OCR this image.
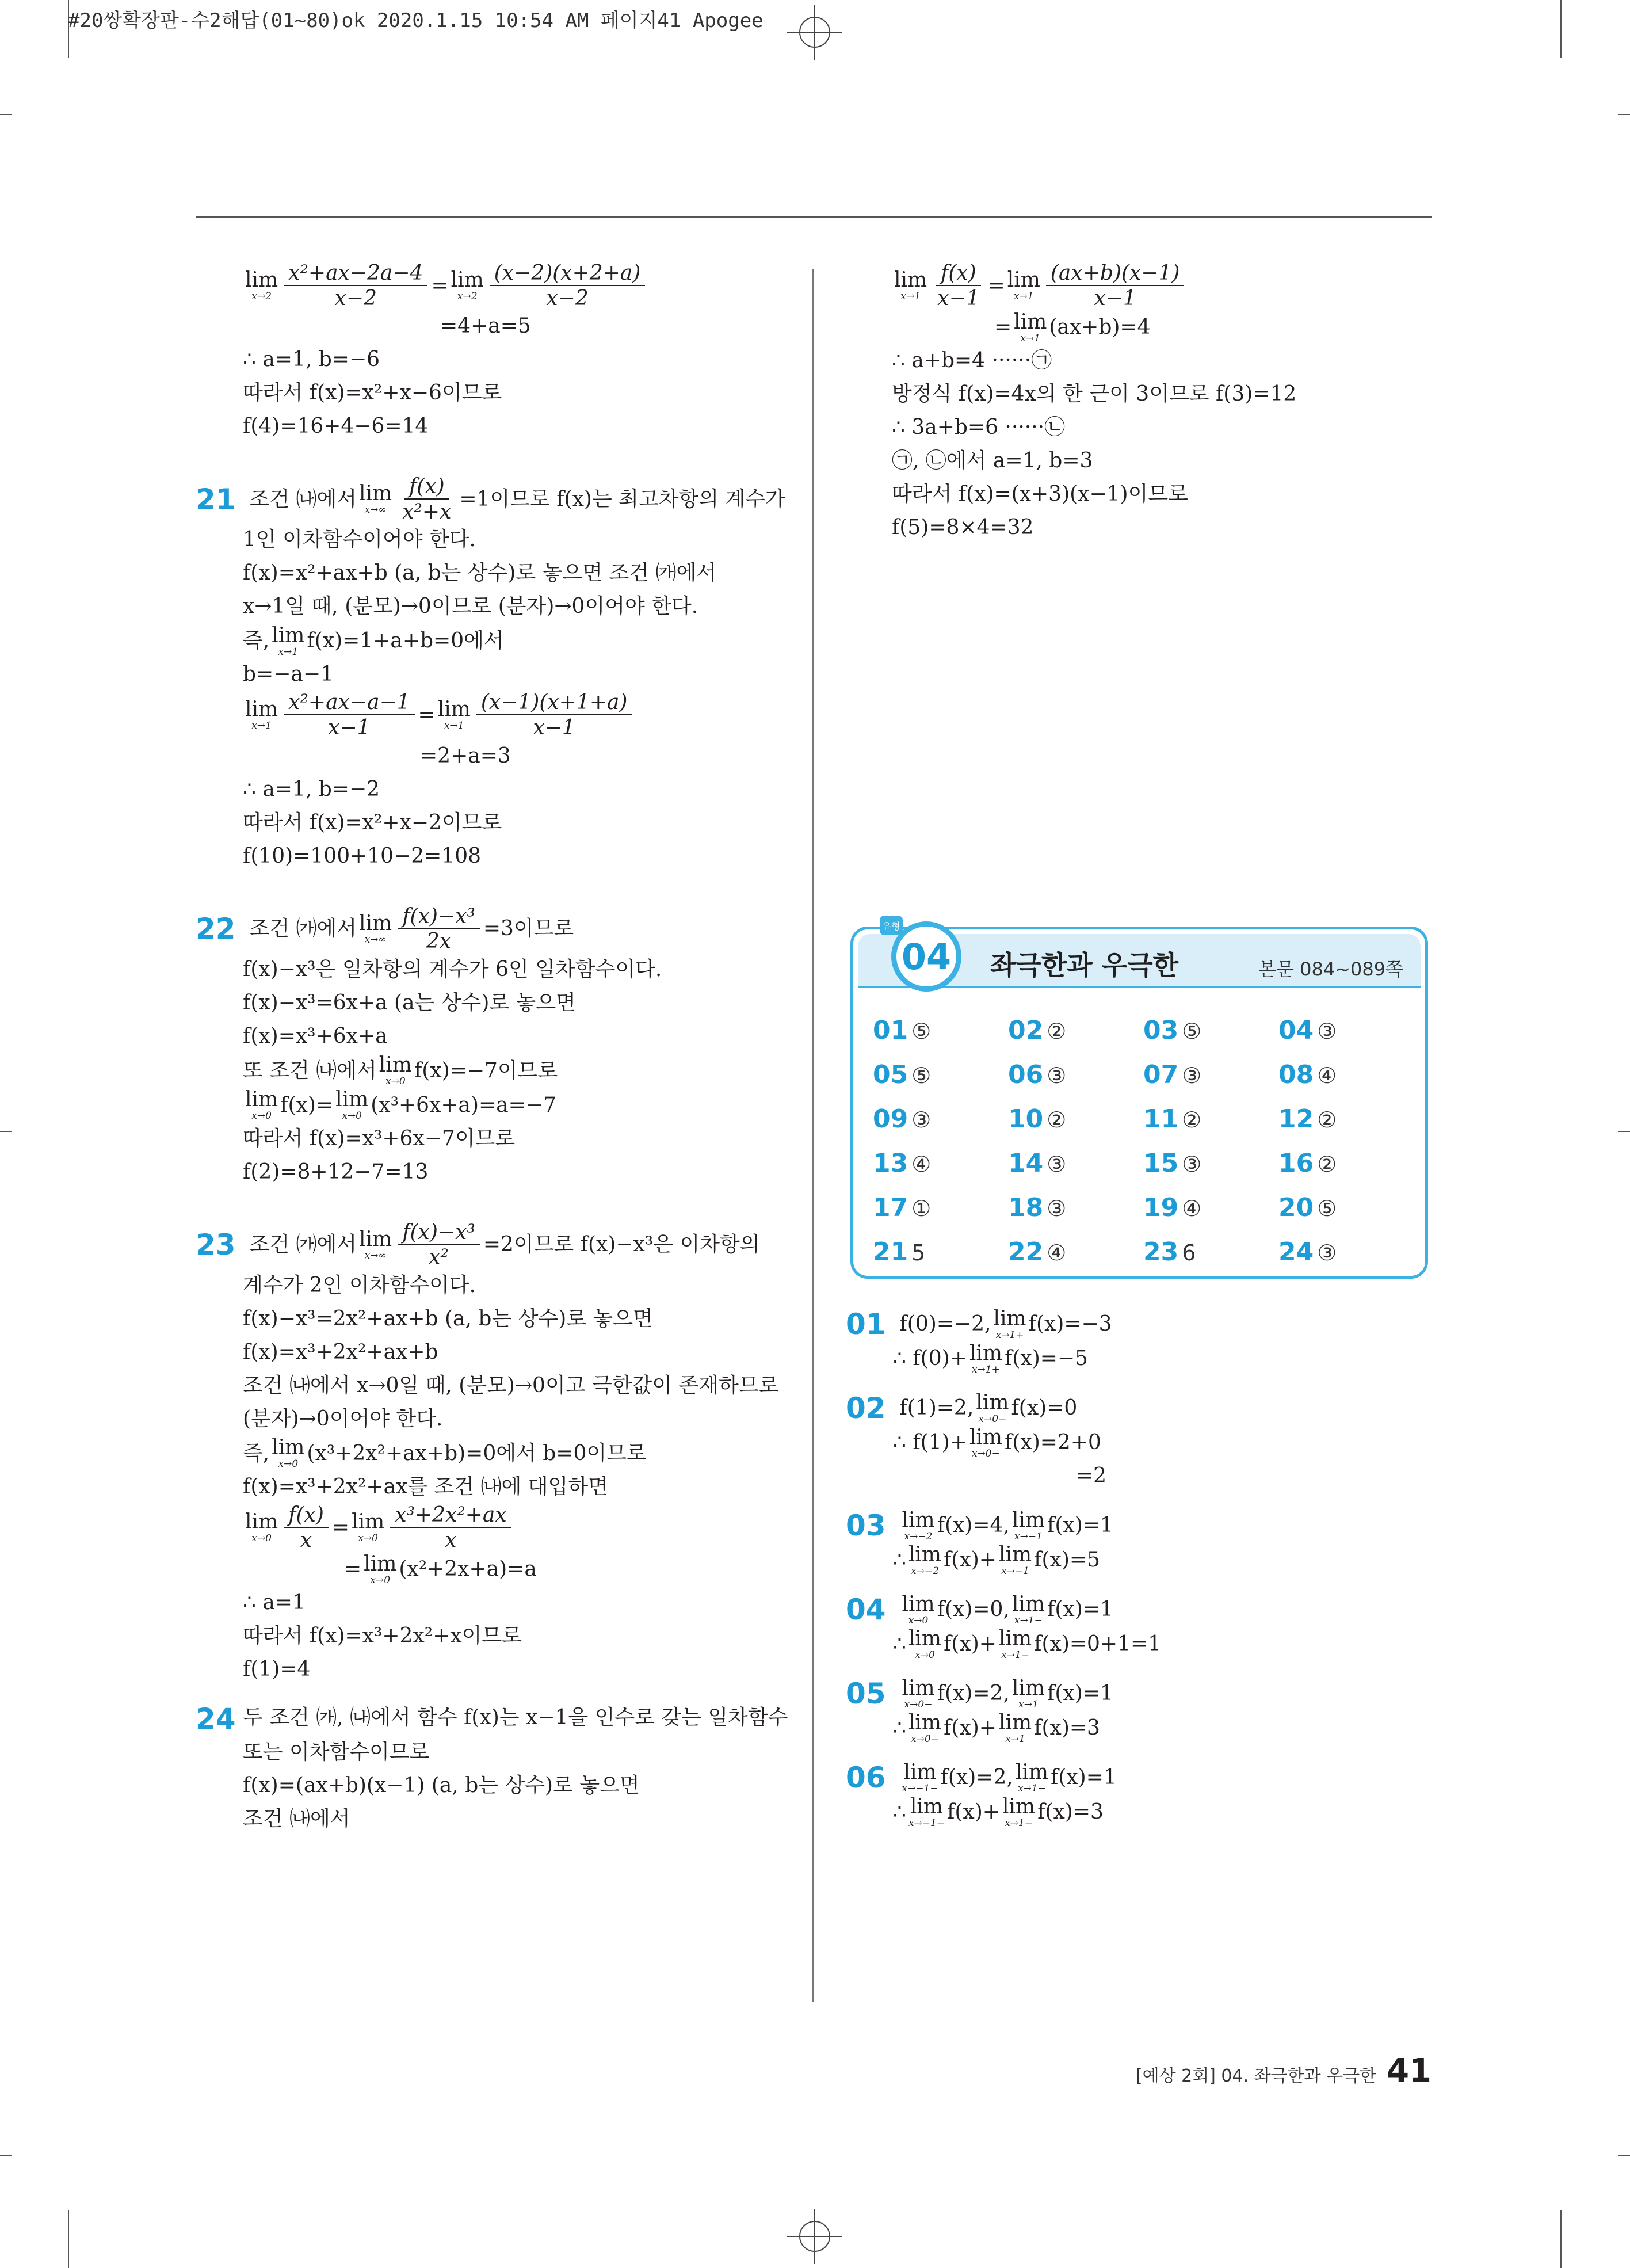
#20쌍확장판-수2해답(01~80)ok 2020.1.15 10:54 AM 페이지41 Apogee
lim
$x\to 2 \frac{\text{x²+ax−2a−4}}{x-2} = \lim$
$x\to 2 \frac{(x-2)(x+2+a)}{x-2}$
=4+a=5
∴ a=1, b=−6
따라서 f(x)=x²+x−6이므로
f(4)=16+4−6=14
21 조건 ㈏에서 lim
$x\to\infty \frac{f(x)}{\text{x²+x}} =1$이므로 f(x)는 최고차항의 계수가
1인 이차함수이어야 한다.
f(x)=x²+ax+b (a, b는 상수)로 놓으면 조건 ㈎에서
x→1일 때, (분모)→0이므로 (분자)→0이어야 한다.
즉, lim
x→1 f(x)=1+a+b=0에서
b=−a−1
lim
$x\to 1 \frac{\text{x²+ax−a−1}}{x-1} = \lim$
$x\to 1 \frac{(x-1)(x+1+a)}{x-1}$
=2+a=3
∴ a=1, b=−2
따라서 f(x)=x²+x−2이므로
f(10)=100+10−2=108
22 조건 ㈎에서 lim
$x\to\infty \frac{\text{f(x)−x³}}{2x} =3$이므로
f(x)−x³은 일차항의 계수가 6인 일차함수이다.
f(x)−x³=6x+a (a는 상수)로 놓으면
f(x)=x³+6x+a
또 조건 ㈏에서 lim
x→0 f(x)=−7이므로
lim
x→0 f(x)= lim
x→0 (x³+6x+a)=a=−7
따라서 f(x)=x³+6x−7이므로
f(2)=8+12−7=13
23 조건 ㈎에서 lim
$x\to\infty \frac{\text{f(x)−x³}}{\text{x²}} =2$이므로 f(x)−x³은 이차항의
계수가 2인 이차함수이다.
f(x)−x³=2x²+ax+b (a, b는 상수)로 놓으면
f(x)=x³+2x²+ax+b
조건 ㈏에서 x→0일 때, (분모)→0이고 극한값이 존재하므로
(분자)→0이어야 한다.
즉, lim
x→0 (x³+2x²+ax+b)=0에서 b=0이므로
f(x)=x³+2x²+ax를 조건 ㈏에 대입하면
lim
$x\to 0 \frac{f(x)}{x} = \lim$
$x\to 0 \frac{\text{x³+2x²+ax}}{x}$
= lim
x→0 (x²+2x+a)=a
∴ a=1
따라서 f(x)=x³+2x²+x이므로
f(1)=4
24 두 조건 ㈎, ㈏에서 함수 f(x)는 x−1을 인수로 갖는 일차함수
또는 이차함수이므로
f(x)=(ax+b)(x−1) (a, b는 상수)로 놓으면
조건 ㈏에서
lim
$x\to 1 \frac{f(x)}{x-1} = \lim$
$x\to 1 \frac{(ax+b)(x-1)}{x-1}$
= lim
x→1 (ax+b)=4
∴ a+b=4 ······㉠
방정식 f(x)=4x의 한 근이 3이므로 f(3)=12
∴ 3a+b=6 ······㉡
㉠, ㉡에서 a=1, b=3
따라서 f(x)=(x+3)(x−1)이므로
f(5)=8×4=32
유형
04	좌극한과 우극한	본문 084~089쪽
01 ⑤	02 ②	03 ⑤	04 ③
05 ⑤	06 ③	07 ③	08 ④
09 ③	10 ②	11 ②	12 ②
13 ④	14 ③	15 ③	16 ②
17 ①	18 ③	19 ④	20 ⑤
21 5	22 ④	23 6	24 ③
01 f(0)=−2, lim
x→1+ f(x)=−3
∴ f(0)+ lim
x→1+ f(x)=−5
02 f(1)=2, lim
x→0− f(x)=0
∴ f(1)+ lim
x→0− f(x)=2+0
=2
03 lim
x→−2 f(x)=4, lim
x→−1 f(x)=1
∴ lim
x→−2 f(x)+ lim
x→−1 f(x)=5
04 lim
x→0 f(x)=0, lim
x→1− f(x)=1
∴ lim
x→0 f(x)+ lim
x→1− f(x)=0+1=1
05 lim
x→0− f(x)=2, lim
x→1 f(x)=1
∴ lim
x→0− f(x)+ lim
x→1 f(x)=3
06 lim
x→−1− f(x)=2, lim
x→1− f(x)=1
∴ lim
x→−1− f(x)+ lim
x→1− f(x)=3
[예상 2회] 04. 좌극한과 우극한 41
